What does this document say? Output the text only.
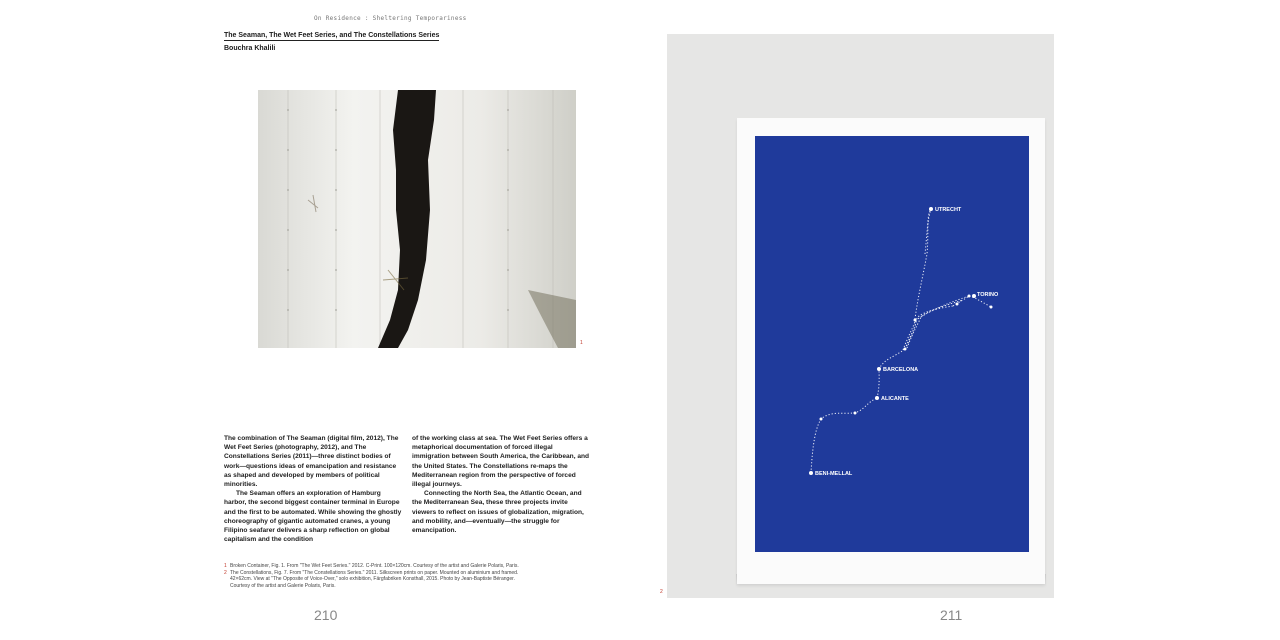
On Residence : Sheltering Temporariness
The Seaman, The Wet Feet Series, and The Constellations Series
Bouchra Khalili
1

The combination of The Seaman (digital film, 2012), The Wet Feet Series (photography, 2012), and The Constellations Series (2011)—three distinct bodies of work—questions ideas of emancipation and resistance as shaped and developed by members of political minorities.

The Seaman offers an exploration of Hamburg harbor, the second biggest container terminal in Europe and the first to be automated. While showing the ghostly choreography of gigantic automated cranes, a young Filipino seafarer delivers a sharp reflection on global capitalism and the condition

of the working class at sea. The Wet Feet Series offers a metaphorical documentation of forced illegal immigration between South America, the Caribbean, and the United States. The Constellations re-maps the Mediterranean region from the perspective of forced illegal journeys.

Connecting the North Sea, the Atlantic Ocean, and the Mediterranean Sea, these three projects invite viewers to reflect on issues of globalization, migration, and mobility, and—eventually—the struggle for emancipation.

1 Broken Container, Fig. 1. From "The Wet Feet Series." 2012. C-Print. 100×120cm. Courtesy of the artist and Galerie Polaris, Paris.
2 The Constellations, Fig. 7. From "The Constellations Series." 2011. Silkscreen prints on paper. Mounted on aluminium and framed. 42×62cm. View at "The Opposite of Voice-Over," solo exhibition, Färgfabriken Konsthall, 2015. Photo by Jean-Baptiste Béranger. Courtesy of the artist and Galerie Polaris, Paris.
210
UTRECHT
TORINO
BARCELONA
ALICANTE
BENI-MELLAL
2
211
